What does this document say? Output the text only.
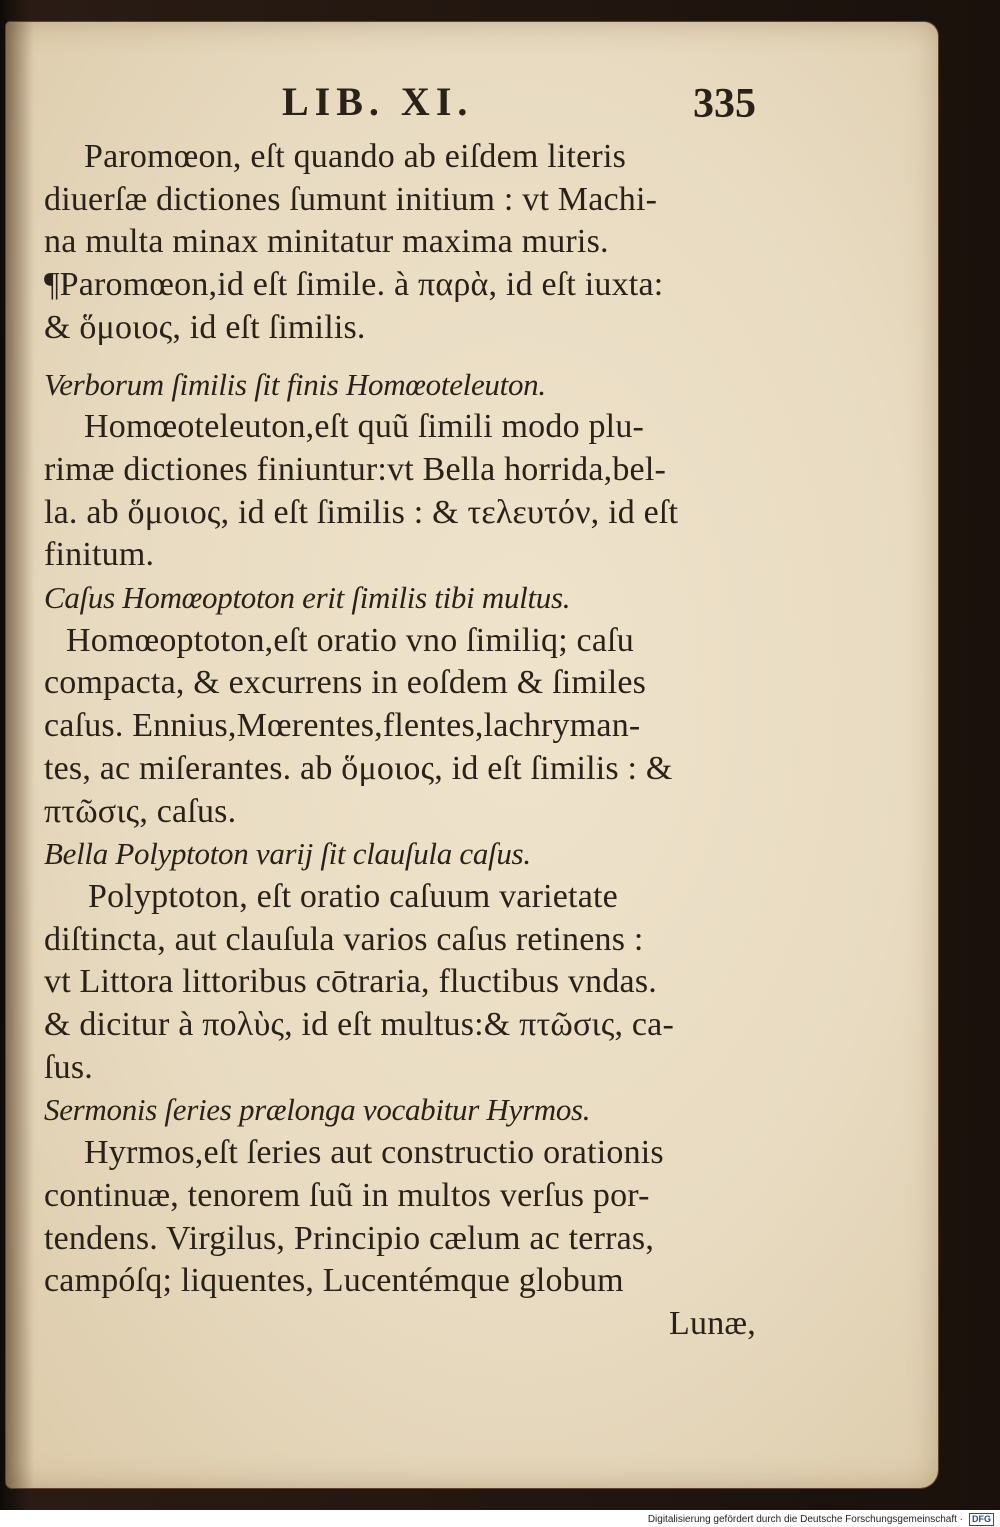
LIB. XI.	335
Paromœon, eſt quando ab eiſdem literis
diuerſæ dictiones ſumunt initium : vt Machi-
na multa minax minitatur maxima muris.
¶Paromœon,id eſt ſimile. à παρὰ, id eſt iuxta:
& ὅμοιος, id eſt ſimilis.
Verborum ſimilis ſit finis Homœoteleuton.
Homœoteleuton,eſt quũ ſimili modo plu-
rimæ dictiones finiuntur:vt Bella horrida,bel-
la. ab ὅμοιος, id eſt ſimilis : & τελευτόν, id eſt
finitum.
Caſus Homœoptoton erit ſimilis tibi multus.
Homœoptoton,eſt oratio vno ſimiliq; caſu
compacta, & excurrens in eoſdem & ſimiles
caſus. Ennius,Mœrentes,flentes,lachryman-
tes, ac miſerantes. ab ὅμοιος, id eſt ſimilis : &
πτῶσις, caſus.
Bella Polyptoton varij ſit clauſula caſus.
Polyptoton, eſt oratio caſuum varietate
diſtincta, aut clauſula varios caſus retinens :
vt Littora littoribus cōtraria, fluctibus vndas.
& dicitur à πολὺς, id eſt multus:& πτῶσις, ca-
ſus.
Sermonis ſeries prælonga vocabitur Hyrmos.
Hyrmos,eſt ſeries aut constructio orationis
continuæ, tenorem ſuũ in multos verſus por-
tendens. Virgilus, Principio cælum ac terras,
campóſq; liquentes, Lucentémque globum
Lunæ,
Digitalisierung gefördert durch die Deutsche Forschungsgemeinschaft ·	DFG
